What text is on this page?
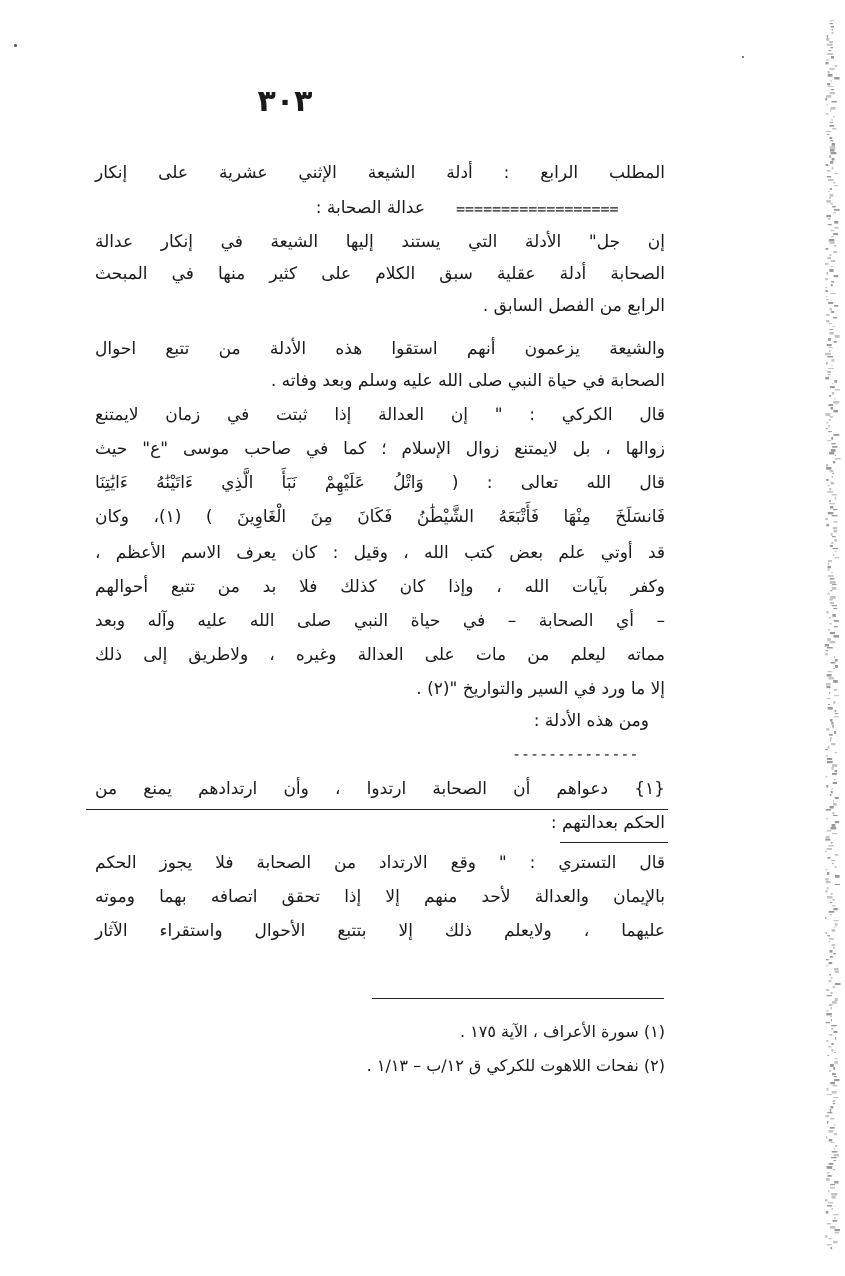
٣٠٣
المطلب الرابع : أدلة الشيعة الإثني عشرية على إنكار
عدالة الصحابة : ==================
إن جل" الأدلة التي يستند إليها الشيعة في إنكار عدالة
الصحابة أدلة عقلية سبق الكلام على كثير منها في المبحث
الرابع من الفصل السابق .
والشيعة يزعمون أنهم استقوا هذه الأدلة من تتبع احوال
الصحابة في حياة النبي صلى الله عليه وسلم وبعد وفاته .
قال الكركي : " إن العدالة إذا ثبتت في زمان لايمتنع
زوالها ، بل لايمتنع زوال الإسلام ؛ كما في صاحب موسى "ع" حيث
قال الله تعالى : ( وَاتْلُ عَلَيْهِمْ نَبَأَ الَّذِي ءَاتَيْنَٰهُ ءَايَٰتِنَا
فَانسَلَخَ مِنْهَا فَأَتْبَعَهُ الشَّيْطَٰنُ فَكَانَ مِنَ الْغَاوِينَ ) (١)، وكان
قد أوتي علم بعض كتب الله ، وقيل : كان يعرف الاسم الأعظم ،
وكفر بآيات الله ، وإذا كان كذلك فلا بد من تتبع أحوالهم
– أي الصحابة – في حياة النبي صلى الله عليه وآله وبعد
مماته ليعلم من مات على العدالة وغيره ، ولاطريق إلى ذلك
إلا ما ورد في السير والتواريخ "(٢) .
ومن هذه الأدلة :
--------------
{١} دعواهم أن الصحابة ارتدوا ، وأن ارتدادهم يمنع من
الحكم بعدالتهم :
قال التستري : " وقع الارتداد من الصحابة فلا يجوز الحكم
بالإيمان والعدالة لأحد منهم إلا إذا تحقق اتصافه بهما وموته
عليهما ، ولايعلم ذلك إلا بتتبع الأحوال واستقراء الآثار
(١) سورة الأعراف ، الآية ١٧٥ .
(٢) نفحات اللاهوت للكركي ق ١٢/ب – ١/١٣ .
